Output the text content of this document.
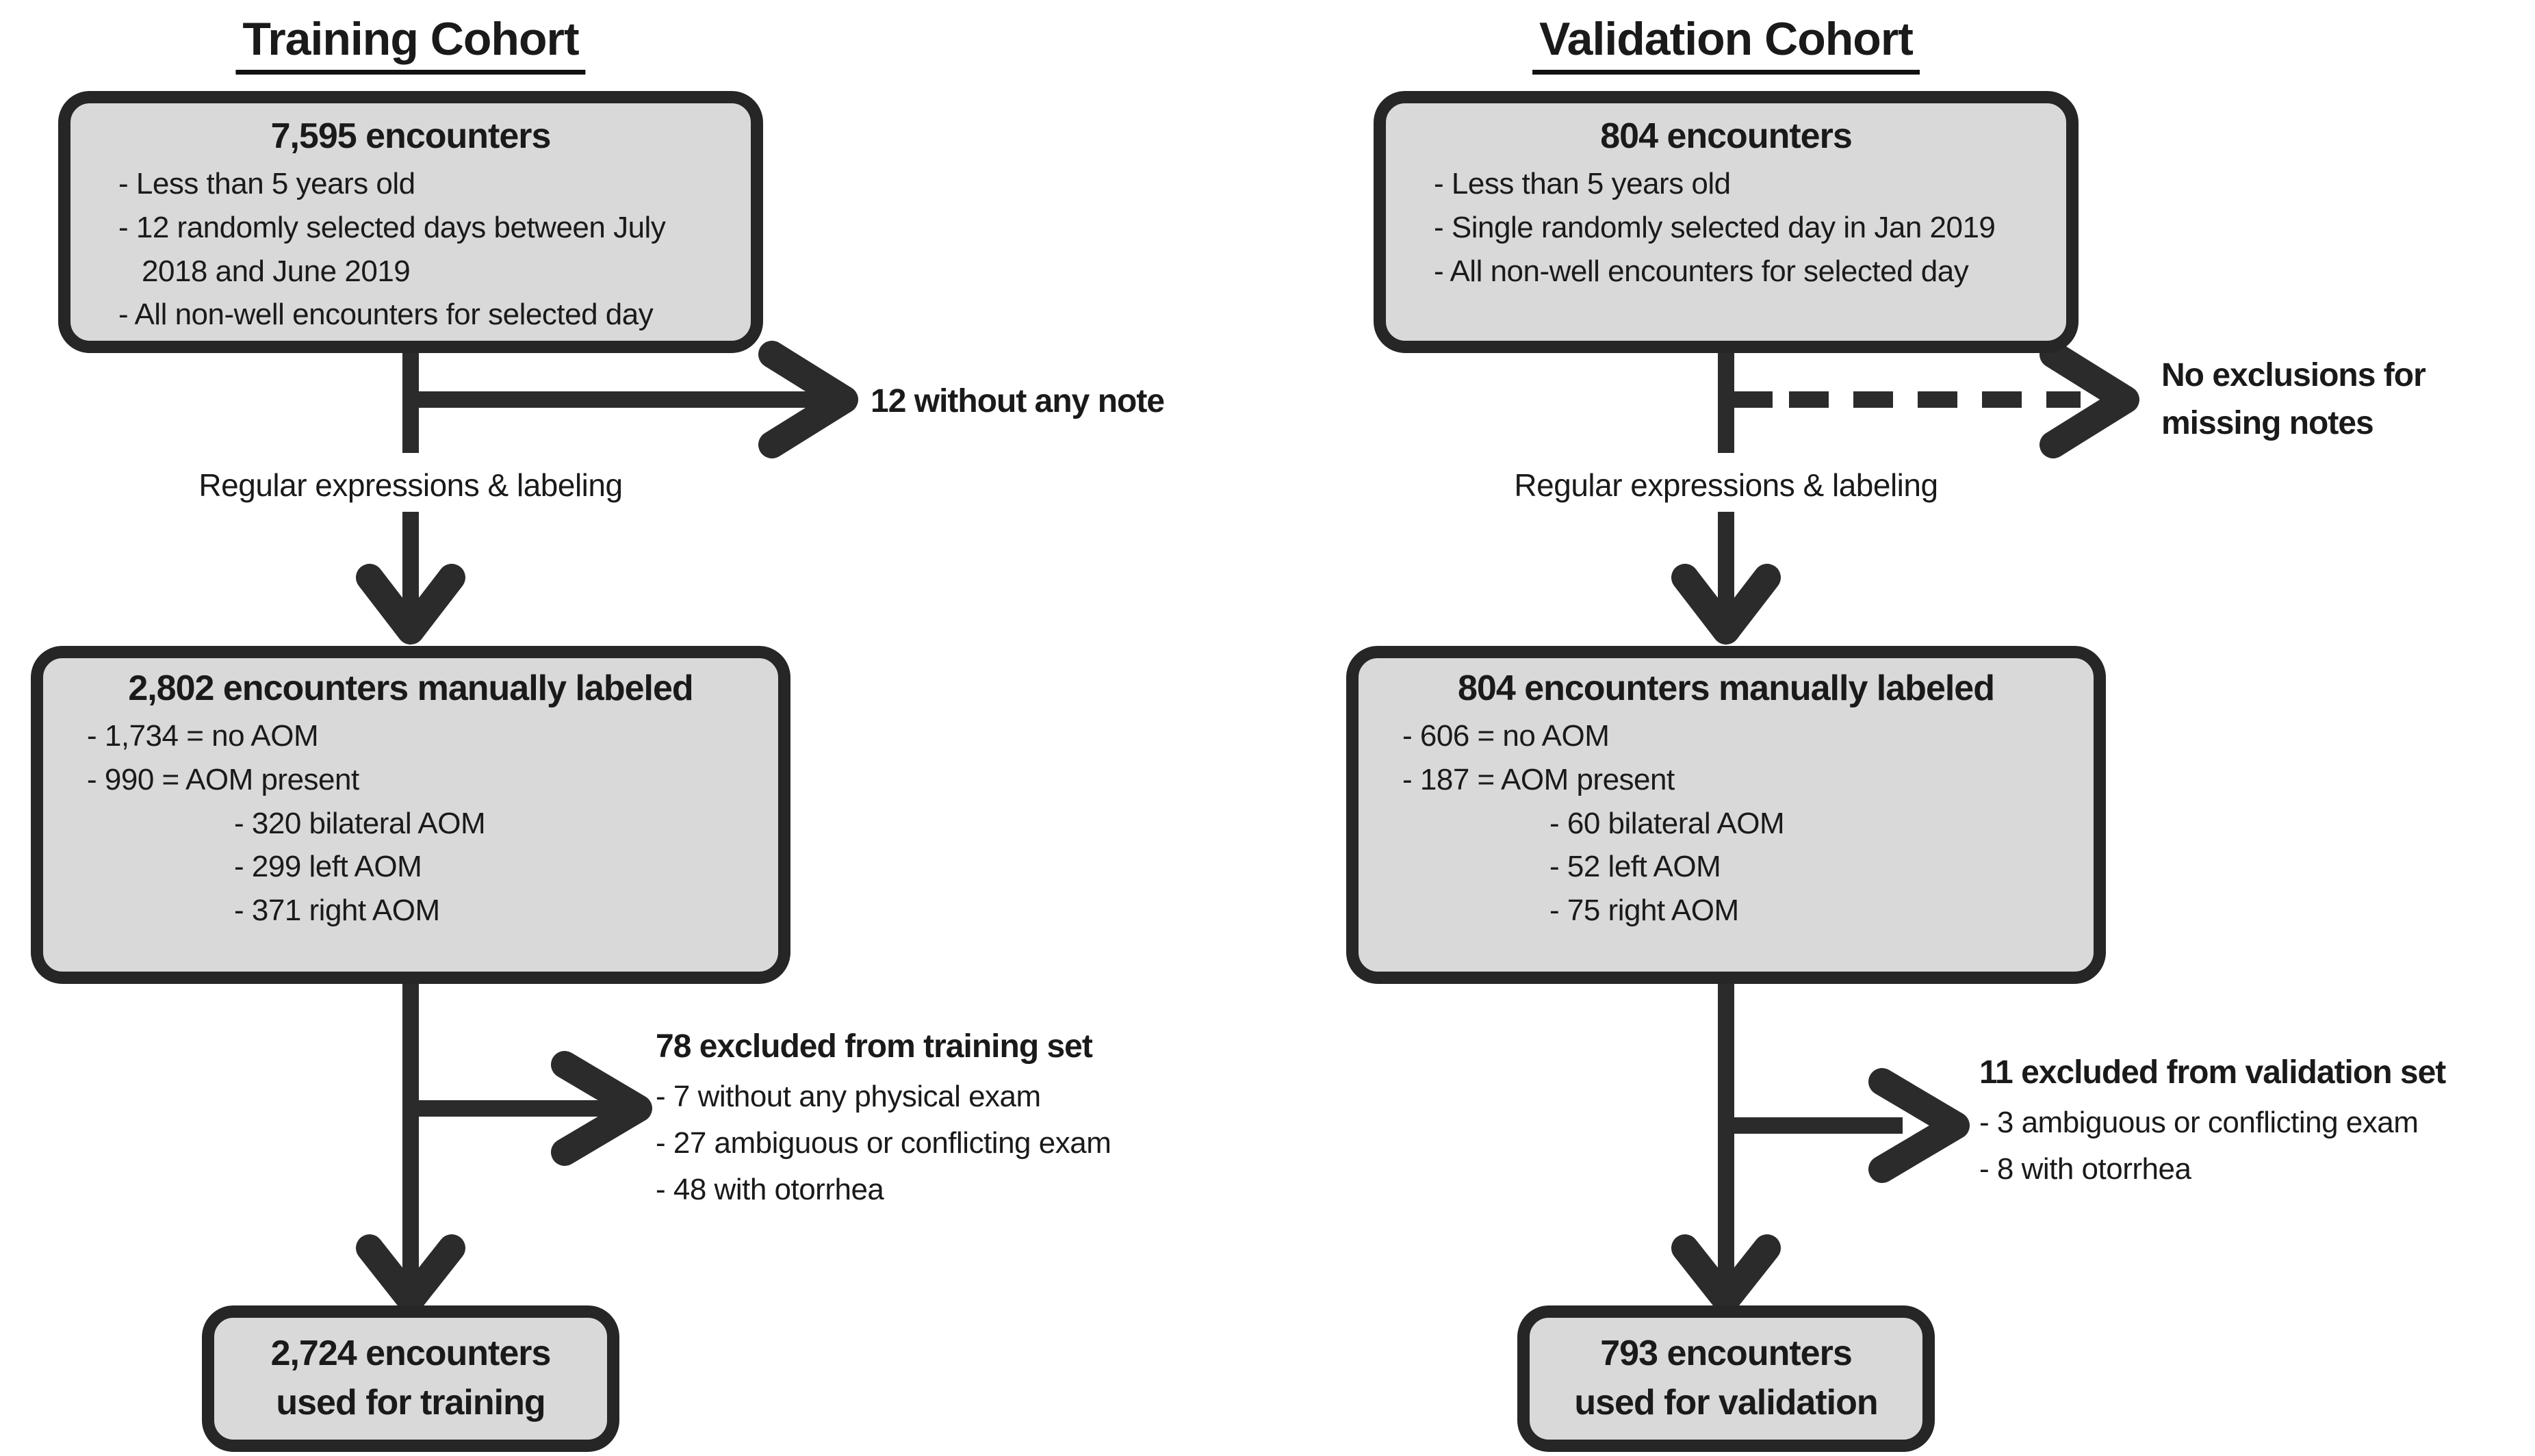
Training Cohort
7,595 encounters
- Less than 5 years old
- 12 randomly selected days between July 2018 and June 2019
- All non-well encounters for selected day
12 without any note
Regular expressions & labeling
2,802 encounters manually labeled
- 1,734 = no AOM
- 990 = AOM present
- 320 bilateral AOM
- 299 left AOM
- 371 right AOM
78 excluded from training set
- 7 without any physical exam
- 27 ambiguous or conflicting exam
- 48 with otorrhea
2,724 encounters
used for training
Validation Cohort
804 encounters
- Less than 5 years old
- Single randomly selected day in Jan 2019
- All non-well encounters for selected day
No exclusions for
missing notes
Regular expressions & labeling
804 encounters manually labeled
- 606 = no AOM
- 187 = AOM present
- 60 bilateral AOM
- 52 left AOM
- 75 right AOM
11 excluded from validation set
- 3 ambiguous or conflicting exam
- 8 with otorrhea
793 encounters
used for validation
